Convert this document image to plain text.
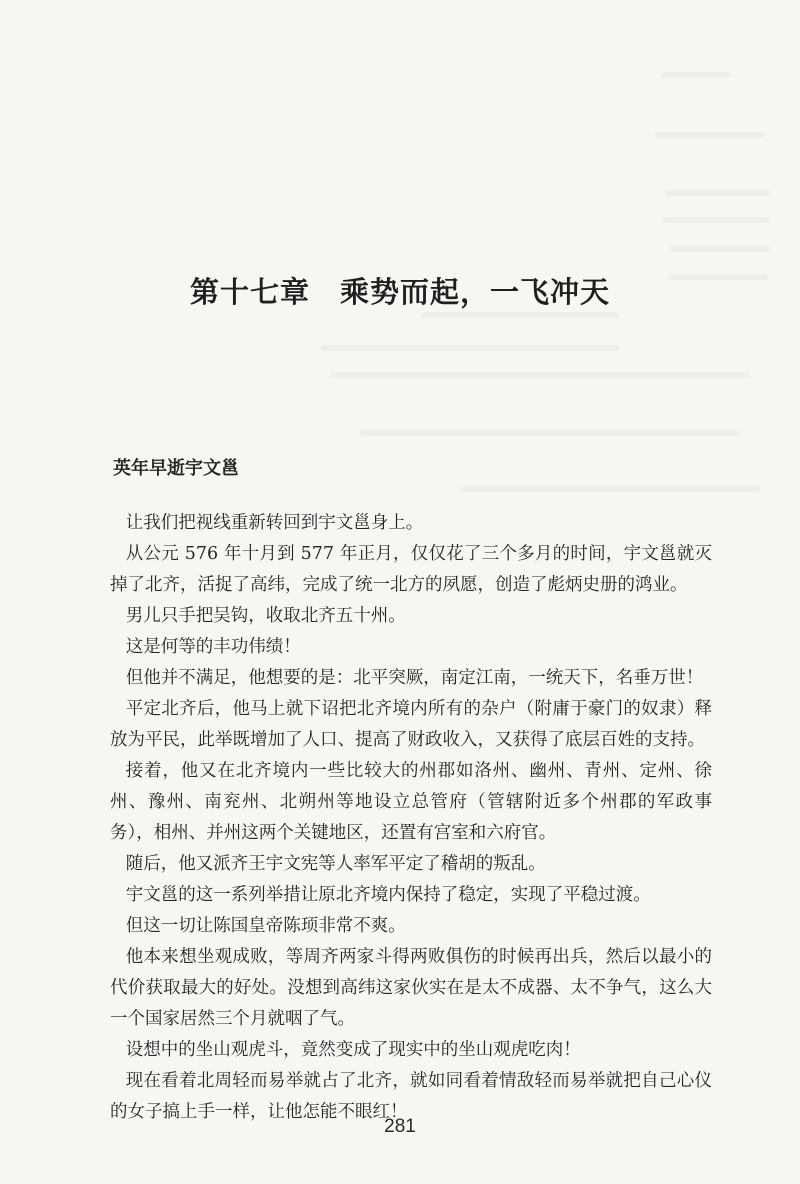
第十七章　乘势而起，一飞冲天
英年早逝宇文邕

让我们把视线重新转回到宇文邕身上。

从公元 576 年十月到 577 年正月，仅仅花了三个多月的时间，宇文邕就灭掉了北齐，活捉了高纬，完成了统一北方的夙愿，创造了彪炳史册的鸿业。

男儿只手把吴钩，收取北齐五十州。

这是何等的丰功伟绩！

但他并不满足，他想要的是：北平突厥，南定江南，一统天下，名垂万世！

平定北齐后，他马上就下诏把北齐境内所有的杂户（附庸于豪门的奴隶）释放为平民，此举既增加了人口、提高了财政收入，又获得了底层百姓的支持。

接着，他又在北齐境内一些比较大的州郡如洛州、幽州、青州、定州、徐州、豫州、南兖州、北朔州等地设立总管府（管辖附近多个州郡的军政事务），相州、并州这两个关键地区，还置有宫室和六府官。

随后，他又派齐王宇文宪等人率军平定了稽胡的叛乱。

宇文邕的这一系列举措让原北齐境内保持了稳定，实现了平稳过渡。

但这一切让陈国皇帝陈顼非常不爽。

他本来想坐观成败，等周齐两家斗得两败俱伤的时候再出兵，然后以最小的代价获取最大的好处。没想到高纬这家伙实在是太不成器、太不争气，这么大一个国家居然三个月就咽了气。

设想中的坐山观虎斗，竟然变成了现实中的坐山观虎吃肉！

现在看着北周轻而易举就占了北齐，就如同看着情敌轻而易举就把自己心仪的女子搞上手一样，让他怎能不眼红！

281
